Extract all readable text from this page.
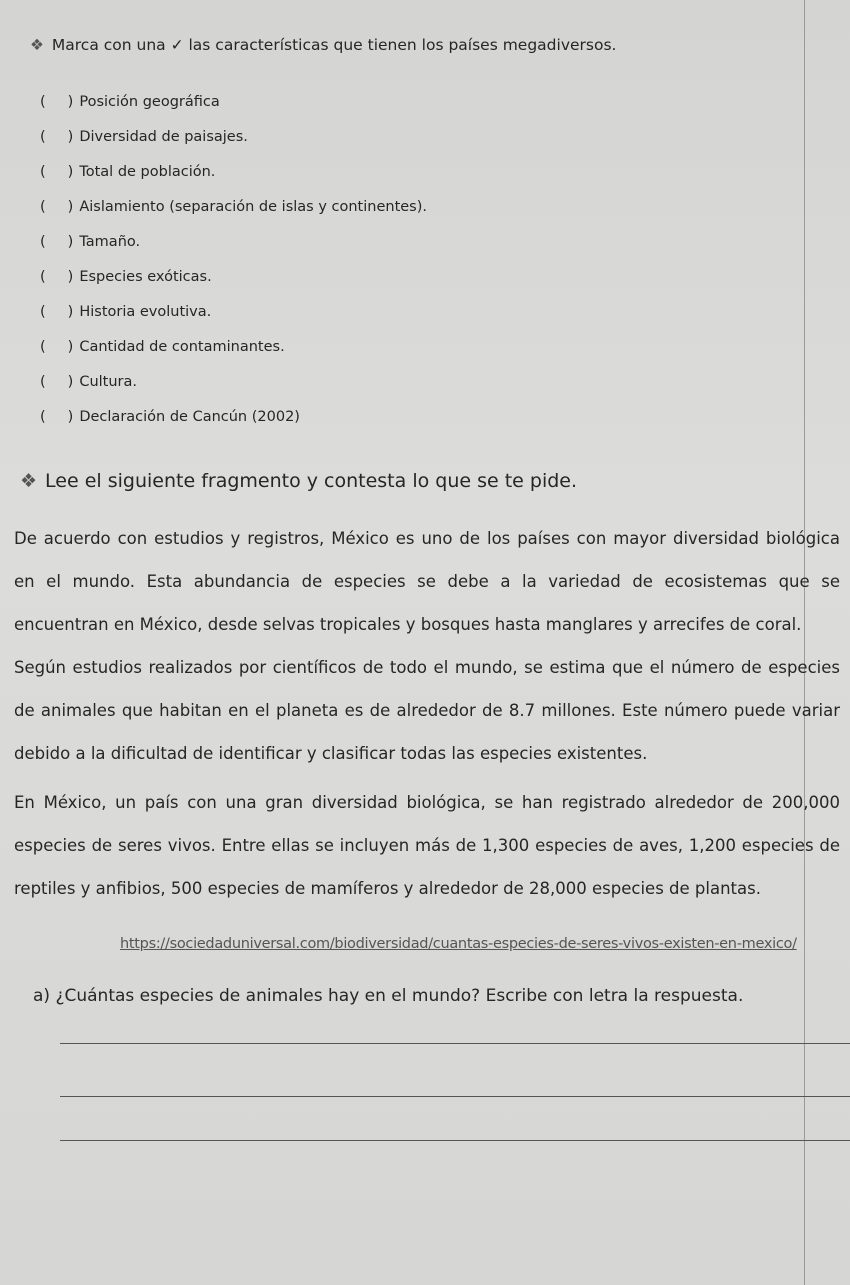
❖ Marca con una ✓ las características que tienen los países megadiversos.
( ) Posición geográfica
( ) Diversidad de paisajes.
( ) Total de población.
( ) Aislamiento (separación de islas y continentes).
( ) Tamaño.
( ) Especies exóticas.
( ) Historia evolutiva.
( ) Cantidad de contaminantes.
( ) Cultura.
( ) Declaración de Cancún (2002)
❖ Lee el siguiente fragmento y contesta lo que se te pide.

De acuerdo con estudios y registros, México es uno de los países con mayor diversidad biológica en el mundo. Esta abundancia de especies se debe a la variedad de ecosistemas que se encuentran en México, desde selvas tropicales y bosques hasta manglares y arrecifes de coral.

Según estudios realizados por científicos de todo el mundo, se estima que el número de especies de animales que habitan en el planeta es de alrededor de 8.7 millones. Este número puede variar debido a la dificultad de identificar y clasificar todas las especies existentes.

En México, un país con una gran diversidad biológica, se han registrado alrededor de 200,000 especies de seres vivos. Entre ellas se incluyen más de 1,300 especies de aves, 1,200 especies de reptiles y anfibios, 500 especies de mamíferos y alrededor de 28,000 especies de plantas.

https://sociedaduniversal.com/biodiversidad/cuantas-especies-de-seres-vivos-existen-en-mexico/
a) ¿Cuántas especies de animales hay en el mundo? Escribe con letra la respuesta.
